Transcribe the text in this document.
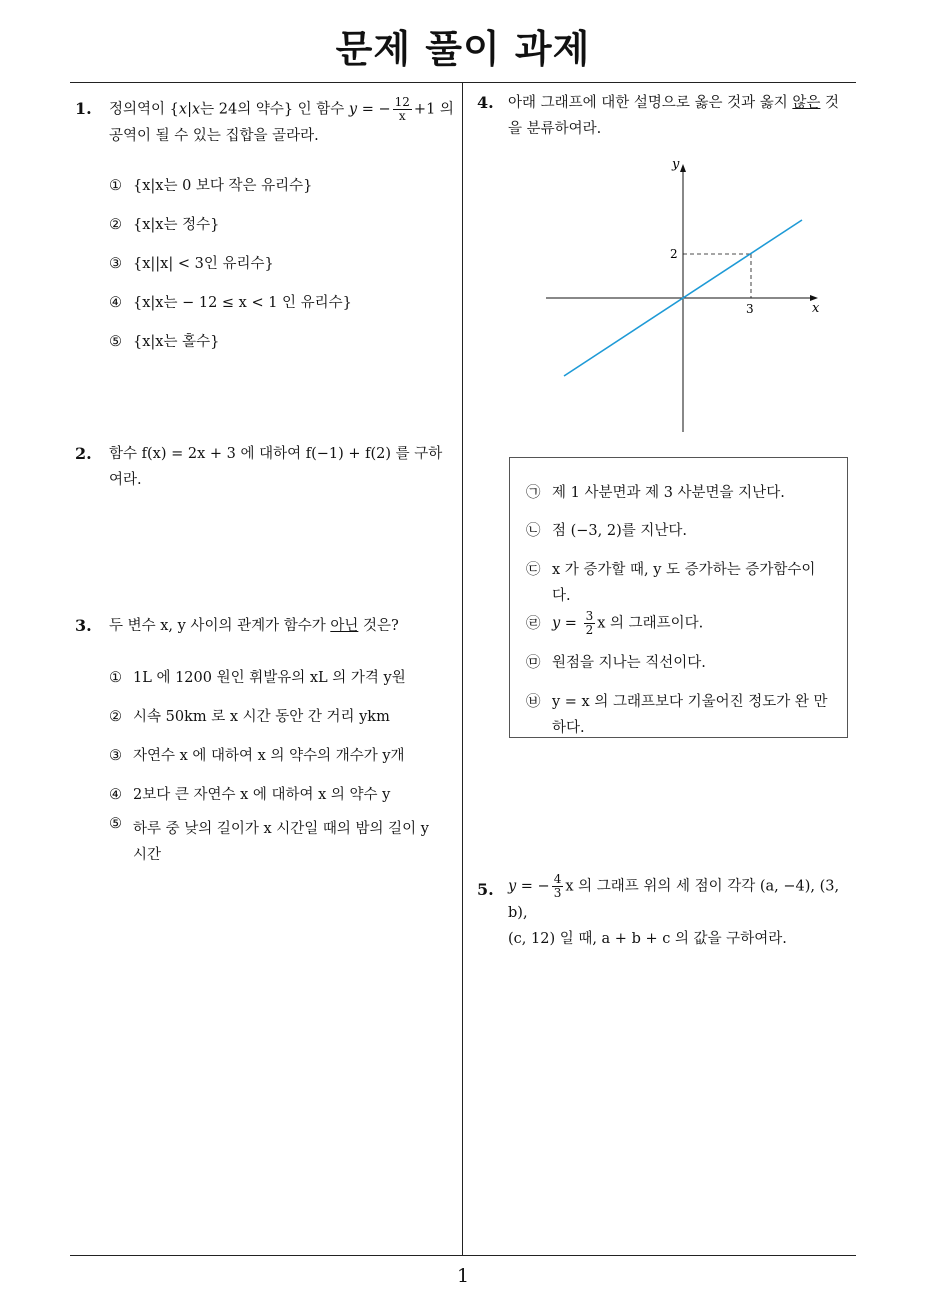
문제 풀이 과제
1
1. 정의역이 {x|x는 24의 약수} 인 함수 y = − $\frac{12}{x} +1$ 의
공역이 될 수 있는 집합을 골라라.
① {x|x는 0 보다 작은 유리수}
② {x|x는 정수}
③ {x||x| < 3인 유리수}
④ {x|x는 − 12 ≤ x < 1 인 유리수}
⑤ {x|x는 홀수}
2. 함수 f(x) = 2x + 3 에 대하여 f(−1) + f(2) 를 구하
여라.
3. 두 변수 x, y 사이의 관계가 함수가 아닌 것은?
① 1L 에 1200 원인 휘발유의 xL 의 가격 y원
② 시속 50km 로 x 시간 동안 간 거리 ykm
③ 자연수 x 에 대하여 x 의 약수의 개수가 y개
④ 2보다 큰 자연수 x 에 대하여 x 의 약수 y
⑤ 하루 중 낮의 길이가 x 시간일 때의 밤의 길이 y 시간
4. 아래 그래프에 대한 설명으로 옳은 것과 옳지 않은 것
을 분류하여라.
x
y
3
2
㉠ 제 1 사분면과 제 3 사분면을 지난다.
㉡ 점 (−3, 2)를 지난다.
㉢ x 가 증가할 때, y 도 증가하는 증가함수이 다.
㉣ $y = \frac{3}{2}$ x 의 그래프이다.
㉤ 원점을 지나는 직선이다.
㉥ y = x 의 그래프보다 기울어진 정도가 완 만하다.
5. y = − $\frac{4}{3}$ x 의 그래프 위의 세 점이 각각 (a, −4), (3, b),
(c, 12) 일 때, a + b + c 의 값을 구하여라.
